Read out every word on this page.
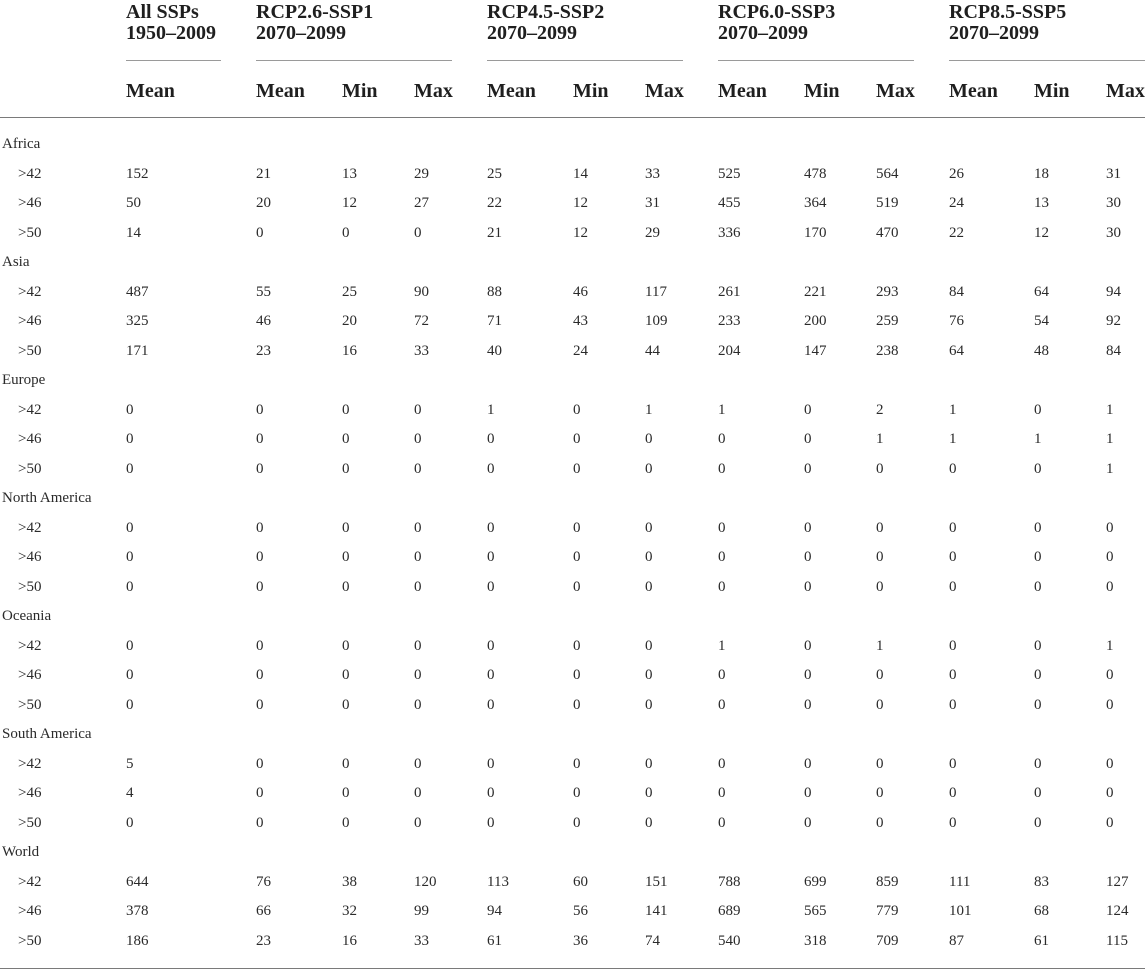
All SSPs
1950–2009
Mean
RCP2.6-SSP1
2070–2099
Mean Min Max
RCP4.5-SSP2
2070–2099
Mean Min Max
RCP6.0-SSP3
2070–2099
Mean Min Max
RCP8.5-SSP5
2070–2099
Mean Min Max
Africa
>42	152	21	13	29	25	14	33	525	478	564	26	18	31
>46	50	20	12	27	22	12	31	455	364	519	24	13	30
>50	14	0	0	0	21	12	29	336	170	470	22	12	30
Asia
>42	487	55	25	90	88	46	117	261	221	293	84	64	94
>46	325	46	20	72	71	43	109	233	200	259	76	54	92
>50	171	23	16	33	40	24	44	204	147	238	64	48	84
Europe
>42	0	0	0	0	1	0	1	1	0	2	1	0	1
>46	0	0	0	0	0	0	0	0	0	1	1	1	1
>50	0	0	0	0	0	0	0	0	0	0	0	0	1
North America
>42	0	0	0	0	0	0	0	0	0	0	0	0	0
>46	0	0	0	0	0	0	0	0	0	0	0	0	0
>50	0	0	0	0	0	0	0	0	0	0	0	0	0
Oceania
>42	0	0	0	0	0	0	0	1	0	1	0	0	1
>46	0	0	0	0	0	0	0	0	0	0	0	0	0
>50	0	0	0	0	0	0	0	0	0	0	0	0	0
South America
>42	5	0	0	0	0	0	0	0	0	0	0	0	0
>46	4	0	0	0	0	0	0	0	0	0	0	0	0
>50	0	0	0	0	0	0	0	0	0	0	0	0	0
World
>42	644	76	38	120	113	60	151	788	699	859	111	83	127
>46	378	66	32	99	94	56	141	689	565	779	101	68	124
>50	186	23	16	33	61	36	74	540	318	709	87	61	115
